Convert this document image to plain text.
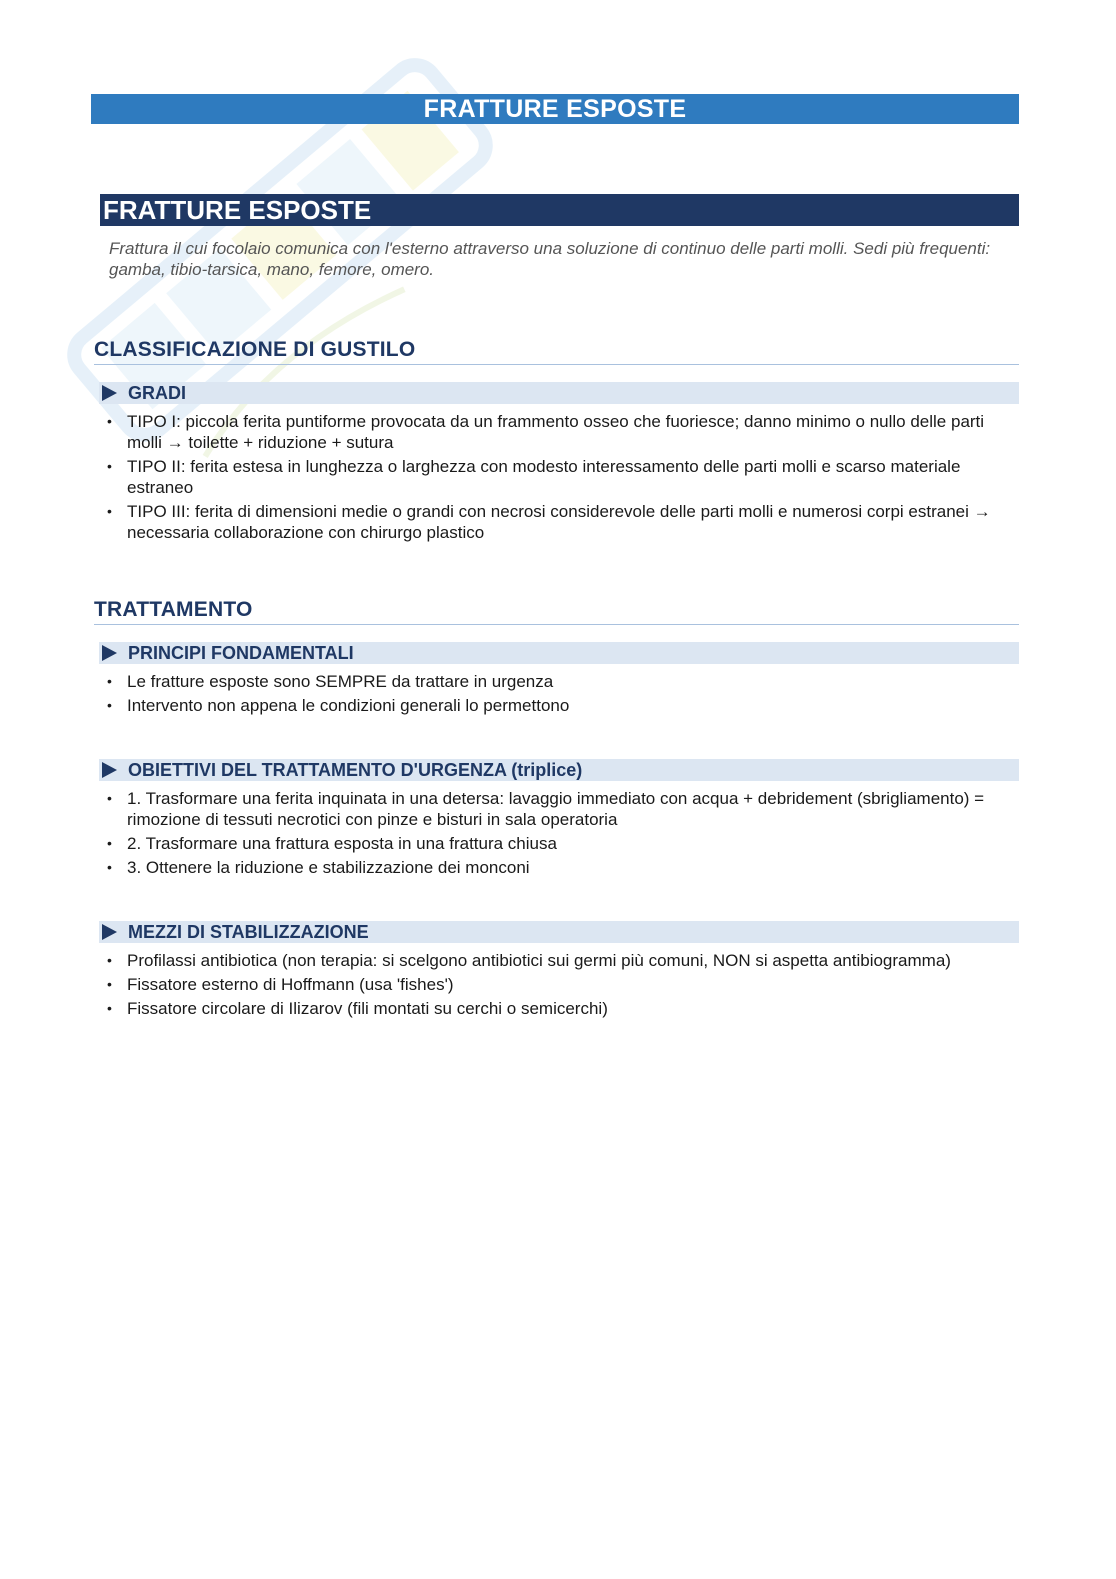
FRATTURE ESPOSTE
FRATTURE ESPOSTE
Frattura il cui focolaio comunica con l'esterno attraverso una soluzione di continuo delle parti molli. Sedi più frequenti: gamba, tibio-tarsica, mano, femore, omero.
CLASSIFICAZIONE DI GUSTILO
GRADI
• TIPO I: piccola ferita puntiforme provocata da un frammento osseo che fuoriesce; danno minimo o nullo delle parti molli → toilette + riduzione + sutura
• TIPO II: ferita estesa in lunghezza o larghezza con modesto interessamento delle parti molli e scarso materiale estraneo
• TIPO III: ferita di dimensioni medie o grandi con necrosi considerevole delle parti molli e numerosi corpi estranei → necessaria collaborazione con chirurgo plastico
TRATTAMENTO
PRINCIPI FONDAMENTALI
• Le fratture esposte sono SEMPRE da trattare in urgenza
• Intervento non appena le condizioni generali lo permettono
OBIETTIVI DEL TRATTAMENTO D'URGENZA (triplice)
• 1. Trasformare una ferita inquinata in una detersa: lavaggio immediato con acqua + debridement (sbrigliamento) = rimozione di tessuti necrotici con pinze e bisturi in sala operatoria
• 2. Trasformare una frattura esposta in una frattura chiusa
• 3. Ottenere la riduzione e stabilizzazione dei monconi
MEZZI DI STABILIZZAZIONE
• Profilassi antibiotica (non terapia: si scelgono antibiotici sui germi più comuni, NON si aspetta antibiogramma)
• Fissatore esterno di Hoffmann (usa 'fishes')
• Fissatore circolare di Ilizarov (fili montati su cerchi o semicerchi)
